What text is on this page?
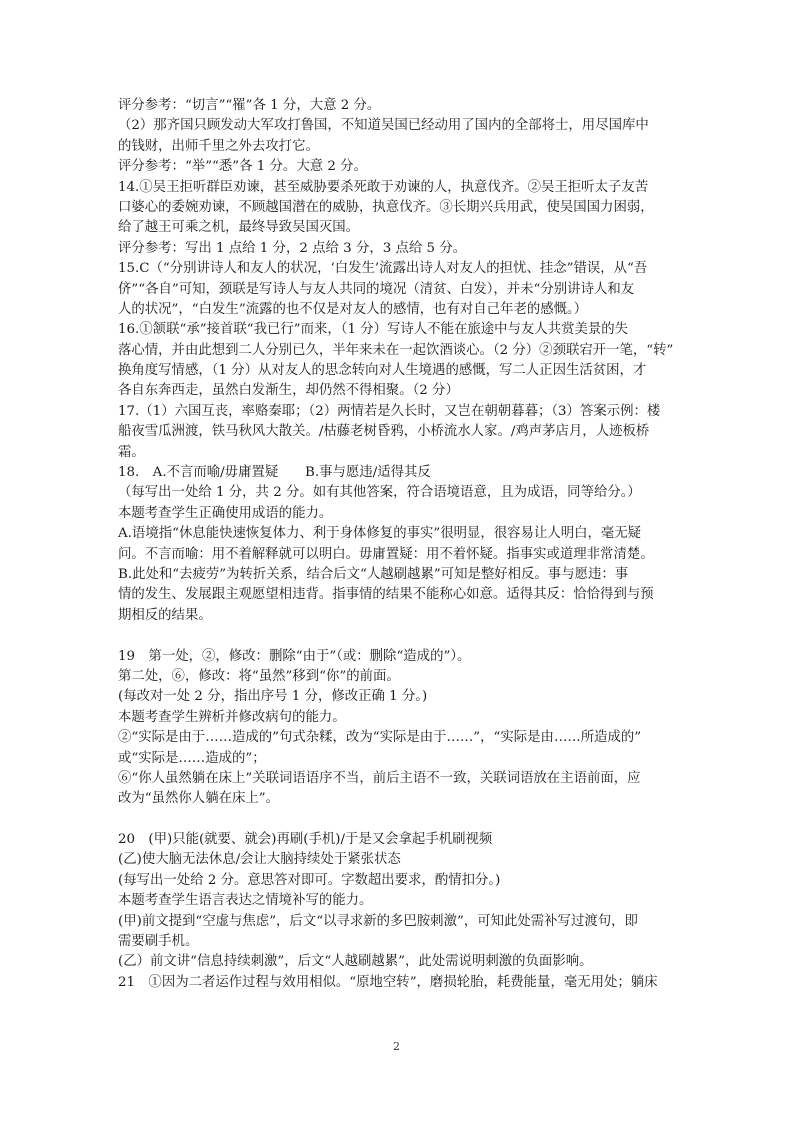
评分参考：“切言”“罹”各 1 分，大意 2 分。
（2）那齐国只顾发动大军攻打鲁国，不知道吴国已经动用了国内的全部将士，用尽国库中
的钱财，出师千里之外去攻打它。
评分参考：“举”“悉”各 1 分。大意 2 分。
14.①吴王拒听群臣劝谏，甚至威胁要杀死敢于劝谏的人，执意伐齐。②吴王拒听太子友苦
口婆心的委婉劝谏，不顾越国潜在的威胁，执意伐齐。③长期兴兵用武，使吴国国力困弱，
给了越王可乘之机，最终导致吴国灭国。
评分参考：写出 1 点给 1 分，2 点给 3 分，3 点给 5 分。
15.C（“分别讲诗人和友人的状况，‘白发生’流露出诗人对友人的担忧、挂念”错误，从“吾
侪”“各自”可知，颈联是写诗人与友人共同的境况（清贫、白发），并未“分别讲诗人和友
人的状况”，“白发生”流露的也不仅是对友人的感情，也有对自己年老的感慨。）
16.①颔联“承”接首联“我已行”而来，（1 分）写诗人不能在旅途中与友人共赏美景的失
落心情，并由此想到二人分别已久，半年来未在一起饮酒谈心。（2 分）②颈联宕开一笔，“转”
换角度写情感，（1 分）从对友人的思念转向对人生境遇的感慨，写二人正因生活贫困，才
各自东奔西走，虽然白发渐生，却仍然不得相聚。（2 分）
17.（1）六国互丧，率赂秦耶；（2）两情若是久长时，又岂在朝朝暮暮；（3）答案示例：楼
船夜雪瓜洲渡，铁马秋风大散关。/枯藤老树昏鸦，小桥流水人家。/鸡声茅店月，人迹板桥
霜。
18.　A.不言而喻/毋庸置疑　　B.事与愿违/适得其反
（每写出一处给 1 分，共 2 分。如有其他答案，符合语境语意，且为成语，同等给分。）
本题考查学生正确使用成语的能力。
A.语境指“休息能快速恢复体力、利于身体修复的事实”很明显，很容易让人明白，毫无疑
问。不言而喻：用不着解释就可以明白。毋庸置疑：用不着怀疑。指事实或道理非常清楚。
B.此处和“去疲劳”为转折关系，结合后文“人越刷越累”可知是整好相反。事与愿违：事
情的发生、发展跟主观愿望相违背。指事情的结果不能称心如意。适得其反：恰恰得到与预
期相反的结果。
19　第一处，②，修改：删除“由于”（或：删除“造成的”）。
第二处，⑥，修改：将“虽然”移到“你”的前面。
(每改对一处 2 分，指出序号 1 分，修改正确 1 分。)
本题考查学生辨析并修改病句的能力。
②“实际是由于……造成的”句式杂糅，改为“实际是由于……”，“实际是由……所造成的”
或“实际是……造成的”；
⑥“你人虽然躺在床上”关联词语语序不当，前后主语不一致，关联词语放在主语前面，应
改为“虽然你人躺在床上”。
20　(甲)只能(就要、就会)再刷(手机)/于是又会拿起手机刷视频
(乙)使大脑无法休息/会让大脑持续处于紧张状态
(每写出一处给 2 分。意思答对即可。字数超出要求，酌情扣分。)
本题考查学生语言表达之情境补写的能力。
(甲)前文提到“空虚与焦虑”，后文“以寻求新的多巴胺刺激”，可知此处需补写过渡句，即
需要刷手机。
(乙）前文讲“信息持续刺激”，后文“人越刷越累”，此处需说明刺激的负面影响。
21　①因为二者运作过程与效用相似。“原地空转”，磨损轮胎，耗费能量，毫无用处；躺床
2
